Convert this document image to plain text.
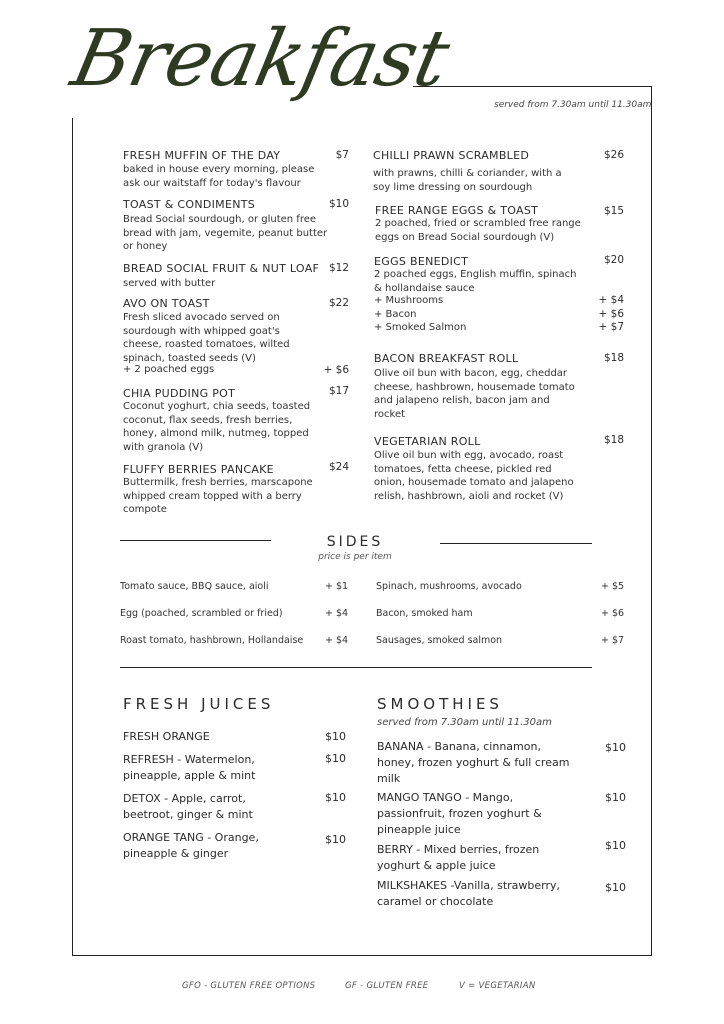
Breakfast
served from 7.30am until 11.30am
FRESH MUFFIN OF THE DAY	$7
baked in house every morning, please
ask our waitstaff for today's flavour
TOAST & CONDIMENTS	$10
Bread Social sourdough, or gluten free
bread with jam, vegemite, peanut butter
or honey
BREAD SOCIAL FRUIT & NUT LOAF $12
served with butter
AVO ON TOAST	$22
Fresh sliced avocado served on
sourdough with whipped goat's
cheese, roasted tomatoes, wilted
spinach, toasted seeds (V)
+ 2 poached eggs	+ $6
CHIA PUDDING POT	$17
Coconut yoghurt, chia seeds, toasted
coconut, flax seeds, fresh berries,
honey, almond milk, nutmeg, topped
with granola (V)
FLUFFY BERRIES PANCAKE	$24
Buttermilk, fresh berries, marscapone
whipped cream topped with a berry
compote
CHILLI PRAWN SCRAMBLED	$26
with prawns, chilli & coriander, with a
soy lime dressing on sourdough
FREE RANGE EGGS & TOAST	$15
2 poached, fried or scrambled free range
eggs on Bread Social sourdough (V)
EGGS BENEDICT	$20
2 poached eggs, English muffin, spinach
& hollandaise sauce
+ Mushrooms	+ $4
+ Bacon	+ $6
+ Smoked Salmon	+ $7
BACON BREAKFAST ROLL	$18
Olive oil bun with bacon, egg, cheddar
cheese, hashbrown, housemade tomato
and jalapeno relish, bacon jam and
rocket
VEGETARIAN ROLL	$18
Olive oil bun with egg, avocado, roast
tomatoes, fetta cheese, pickled red
onion, housemade tomato and jalapeno
relish, hashbrown, aioli and rocket (V)
SIDES
price is per item
Tomato sauce, BBQ sauce, aioli	+ $1
Egg (poached, scrambled or fried)	+ $4
Roast tomato, hashbrown, Hollandaise + $4
Spinach, mushrooms, avocado	+ $5
Bacon, smoked ham	+ $6
Sausages, smoked salmon	+ $7
FRESH JUICES
FRESH ORANGE	$10
REFRESH - Watermelon,
pineapple, apple & mint
$10
DETOX - Apple, carrot,
beetroot, ginger & mint
$10
ORANGE TANG - Orange,
pineapple & ginger
$10
SMOOTHIES
served from 7.30am until 11.30am
BANANA - Banana, cinnamon,
honey, frozen yoghurt & full cream
milk
$10
MANGO TANGO - Mango,
passionfruit, frozen yoghurt &
pineapple juice
$10
BERRY - Mixed berries, frozen
yoghurt & apple juice
$10
MILKSHAKES -Vanilla, strawberry,
caramel or chocolate
$10
GFO - GLUTEN FREE OPTIONS	GF - GLUTEN FREE	V = VEGETARIAN
